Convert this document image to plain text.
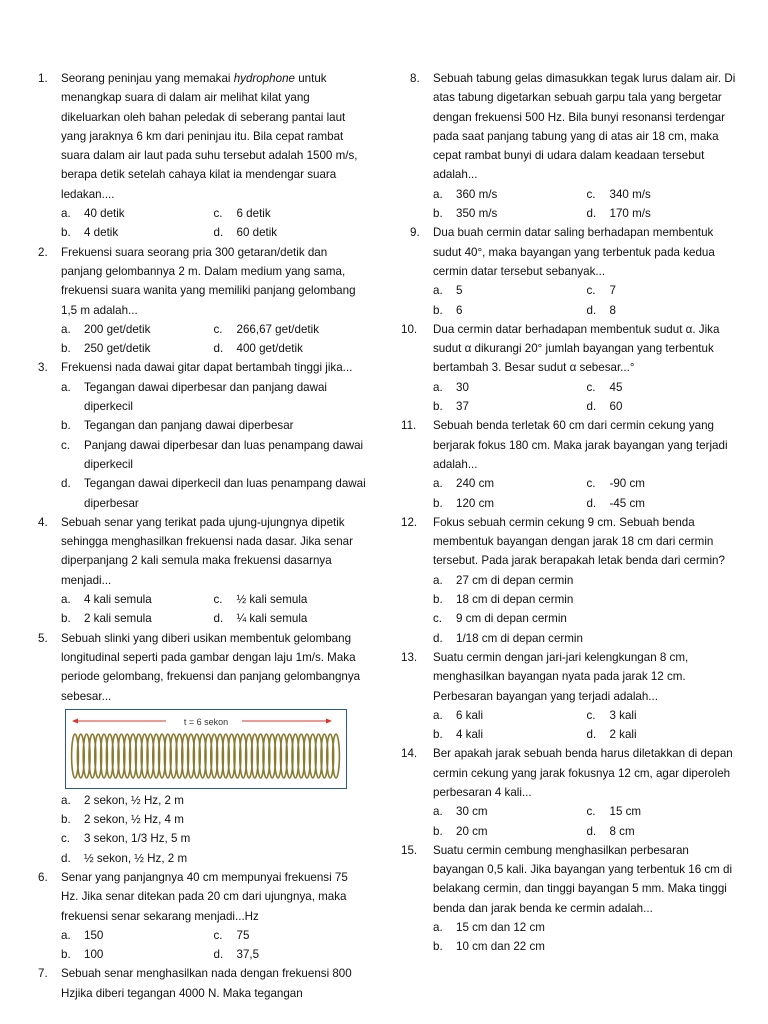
1. Seorang peninjau yang memakai hydrophone untuk menangkap suara di dalam air melihat kilat yang dikeluarkan oleh bahan peledak di seberang pantai laut yang jaraknya 6 km dari peninjau itu. Bila cepat rambat suara dalam air laut pada suhu tersebut adalah 1500 m/s, berapa detik setelah cahaya kilat ia mendengar suara ledakan....
a. 40 detik	c. 6 detik
b. 4 detik	d. 60 detik
2. Frekuensi suara seorang pria 300 getaran/detik dan panjang gelombannya 2 m. Dalam medium yang sama, frekuensi suara wanita yang memiliki panjang gelombang 1,5 m adalah...
a. 200 get/detik	c. 266,67 get/detik
b. 250 get/detik	d. 400 get/detik
3. Frekuensi nada dawai gitar dapat bertambah tinggi jika...
a. Tegangan dawai diperbesar dan panjang dawai diperkecil
b. Tegangan dan panjang dawai diperbesar
c. Panjang dawai diperbesar dan luas penampang dawai diperkecil
d. Tegangan dawai diperkecil dan luas penampang dawai diperbesar
4. Sebuah senar yang terikat pada ujung-ujungnya dipetik sehingga menghasilkan frekuensi nada dasar. Jika senar diperpanjang 2 kali semula maka frekuensi dasarnya menjadi...
a. 4 kali semula	c. ½ kali semula
b. 2 kali semula	d. ¼ kali semula
5. Sebuah slinki yang diberi usikan membentuk gelombang longitudinal seperti pada gambar dengan laju 1m/s. Maka periode gelombang, frekuensi dan panjang gelombangnya sebesar...
t = 6 sekon
a. 2 sekon, ½ Hz, 2 m
b. 2 sekon, ½ Hz, 4 m
c. 3 sekon, 1/3 Hz, 5 m
d. ½ sekon, ½ Hz, 2 m
6. Senar yang panjangnya 40 cm mempunyai frekuensi 75 Hz. Jika senar ditekan pada 20 cm dari ujungnya, maka frekuensi senar sekarang menjadi...Hz
a. 150	c. 75
b. 100	d. 37,5
7. Sebuah senar menghasilkan nada dengan frekuensi 800 Hzjika diberi tegangan 4000 N. Maka tegangan
8. Sebuah tabung gelas dimasukkan tegak lurus dalam air. Di atas tabung digetarkan sebuah garpu tala yang bergetar dengan frekuensi 500 Hz. Bila bunyi resonansi terdengar pada saat panjang tabung yang di atas air 18 cm, maka cepat rambat bunyi di udara dalam keadaan tersebut adalah...
a. 360 m/s	c. 340 m/s
b. 350 m/s	d. 170 m/s
9. Dua buah cermin datar saling berhadapan membentuk sudut 40°, maka bayangan yang terbentuk pada kedua cermin datar tersebut sebanyak...
a. 5	c. 7
b. 6	d. 8
10. Dua cermin datar berhadapan membentuk sudut α. Jika sudut α dikurangi 20° jumlah bayangan yang terbentuk bertambah 3. Besar sudut α sebesar...°
a. 30	c. 45
b. 37	d. 60
11. Sebuah benda terletak 60 cm dari cermin cekung yang berjarak fokus 180 cm. Maka jarak bayangan yang terjadi adalah...
a. 240 cm	c. -90 cm
b. 120 cm	d. -45 cm
12. Fokus sebuah cermin cekung 9 cm. Sebuah benda membentuk bayangan dengan jarak 18 cm dari cermin tersebut. Pada jarak berapakah letak benda dari cermin?
a. 27 cm di depan cermin
b. 18 cm di depan cermin
c. 9 cm di depan cermin
d. 1/18 cm di depan cermin
13. Suatu cermin dengan jari-jari kelengkungan 8 cm, menghasilkan bayangan nyata pada jarak 12 cm. Perbesaran bayangan yang terjadi adalah...
a. 6 kali	c. 3 kali
b. 4 kali	d. 2 kali
14. Ber apakah jarak sebuah benda harus diletakkan di depan cermin cekung yang jarak fokusnya 12 cm, agar diperoleh perbesaran 4 kali...
a. 30 cm	c. 15 cm
b. 20 cm	d. 8 cm
15. Suatu cermin cembung menghasilkan perbesaran bayangan 0,5 kali. Jika bayangan yang terbentuk 16 cm di belakang cermin, dan tinggi bayangan 5 mm. Maka tinggi benda dan jarak benda ke cermin adalah...
a. 15 cm dan 12 cm
b. 10 cm dan 22 cm
